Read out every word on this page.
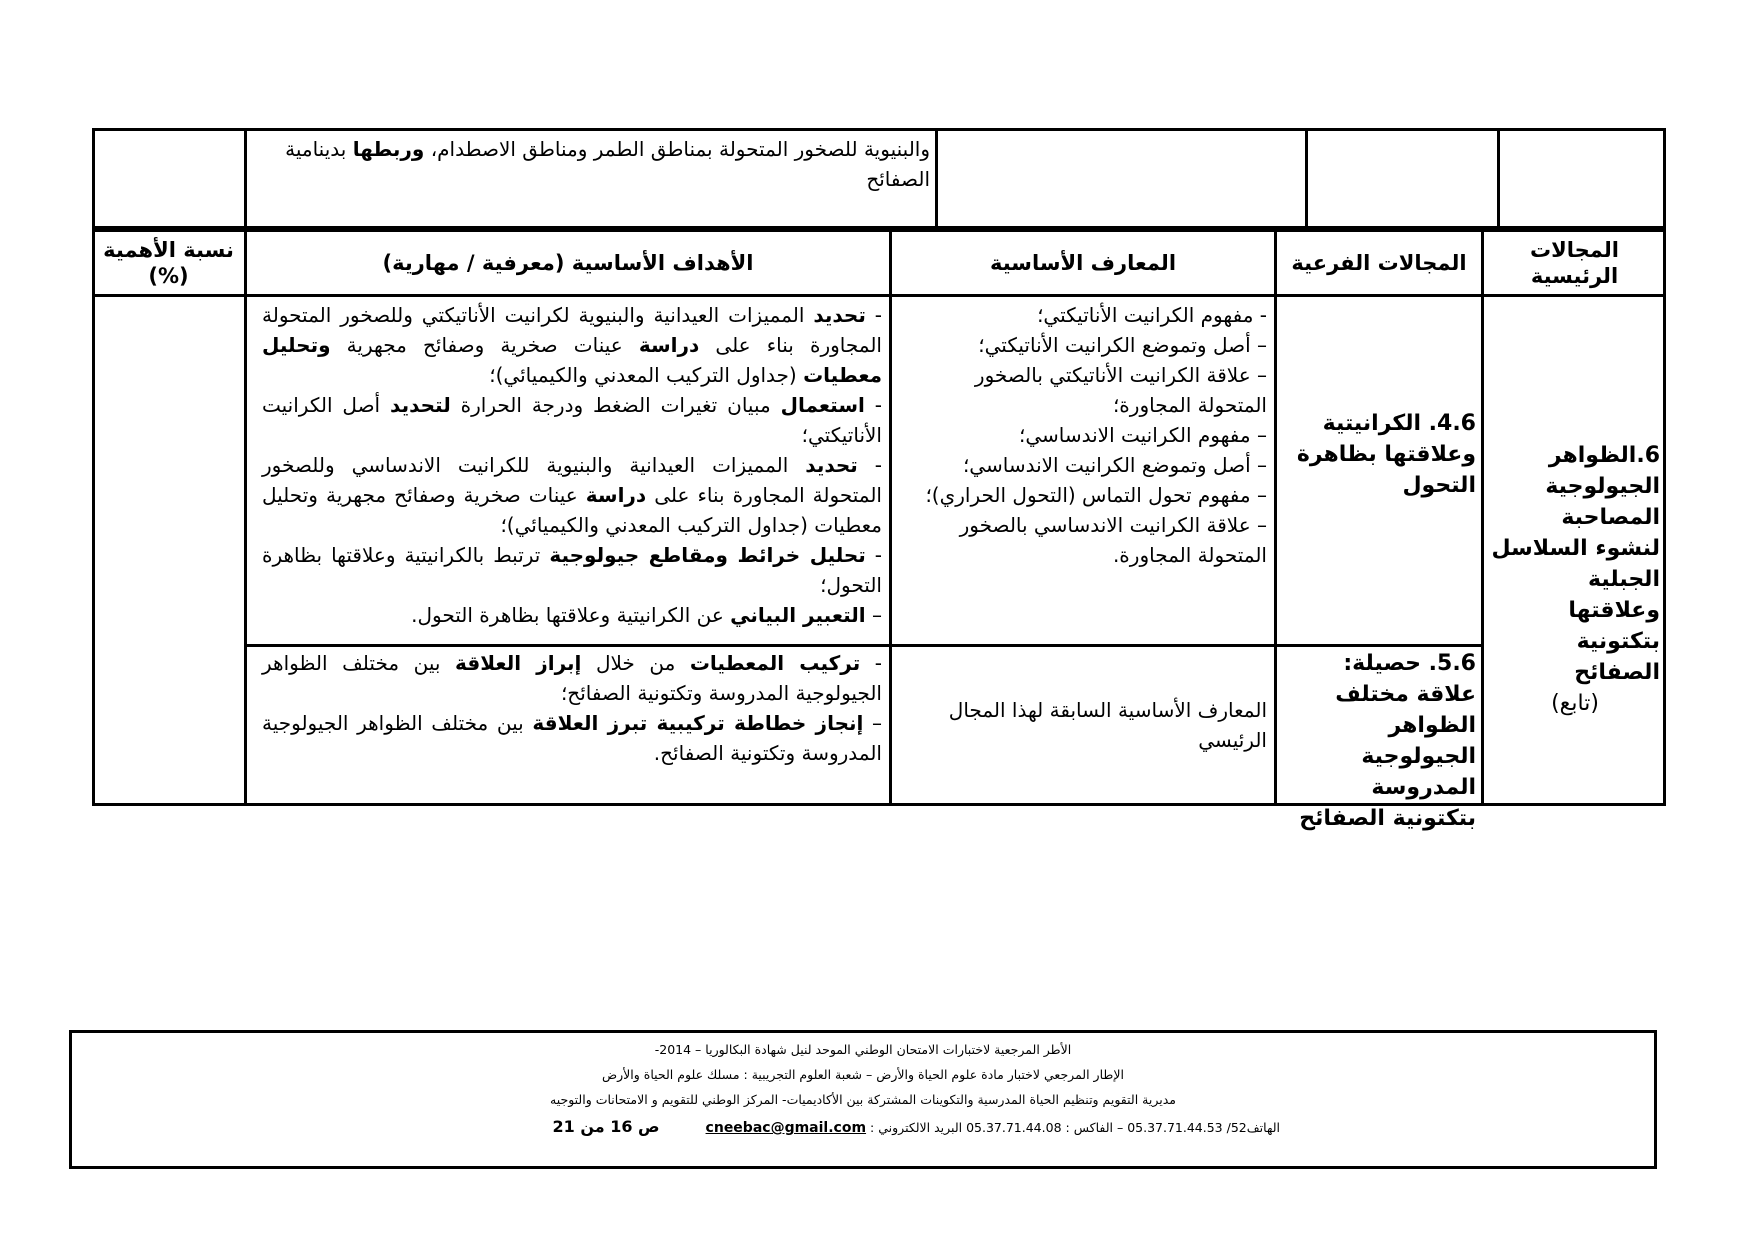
والبنيوية للصخور المتحولة بمناطق الطمر ومناطق الاصطدام، وربطها بدينامية الصفائح

المجالات الرئيسية
المجالات الفرعية
المعارف الأساسية
الأهداف الأساسية (معرفية / مهارية)
نسبة الأهمية (%)
6.الظواهر الجيولوجية المصاحبة لنشوء السلاسل الجبلية وعلاقتها بتكتونية الصفائح
(تابع)
4.6. الكرانيتية وعلاقتها بظاهرة التحول

- مفهوم الكرانيت الأناتيكتي؛

– أصل وتموضع الكرانيت الأناتيكتي؛

– علاقة الكرانيت الأناتيكتي بالصخور المتحولة المجاورة؛

– مفهوم الكرانيت الاندساسي؛

– أصل وتموضع الكرانيت الاندساسي؛

– مفهوم تحول التماس (التحول الحراري)؛

– علاقة الكرانيت الاندساسي بالصخور المتحولة المجاورة.

- تحديد المميزات العيدانية والبنيوية لكرانيت الأناتيكتي وللصخور المتحولة المجاورة بناء على دراسة عينات صخرية وصفائح مجهرية وتحليل معطيات (جداول التركيب المعدني والكيميائي)؛

- استعمال مبيان تغيرات الضغط ودرجة الحرارة لتحديد أصل الكرانيت الأناتيكتي؛

- تحديد المميزات العيدانية والبنيوية للكرانيت الاندساسي وللصخور المتحولة المجاورة بناء على دراسة عينات صخرية وصفائح مجهرية وتحليل معطيات (جداول التركيب المعدني والكيميائي)؛

- تحليل خرائط ومقاطع جيولوجية ترتبط بالكرانيتية وعلاقتها بظاهرة التحول؛

– التعبير البياني عن الكرانيتية وعلاقتها بظاهرة التحول.

5.6. حصيلة: علاقة مختلف الظواهر الجيولوجية المدروسة بتكتونية الصفائح
المعارف الأساسية السابقة لهذا المجال الرئيسي

- تركيب المعطيات من خلال إبراز العلاقة بين مختلف الظواهر الجيولوجية المدروسة وتكتونية الصفائح؛

– إنجاز خطاطة تركيبية تبرز العلاقة بين مختلف الظواهر الجيولوجية المدروسة وتكتونية الصفائح.

الأطر المرجعية لاختبارات الامتحان الوطني الموحد لنيل شهادة البكالوريا – 2014-
الإطار المرجعي لاختبار مادة علوم الحياة والأرض – شعبة العلوم التجريبية : مسلك علوم الحياة والأرض
مديرية التقويم وتنظيم الحياة المدرسية والتكوينات المشتركة بين الأكاديميات- المركز الوطني للتقويم و الامتحانات والتوجيه
الهاتف52/ 05.37.71.44.53 – الفاكس : 05.37.71.44.08 البريد الالكتروني : cneebac@gmail.com  ص 16 من 21
